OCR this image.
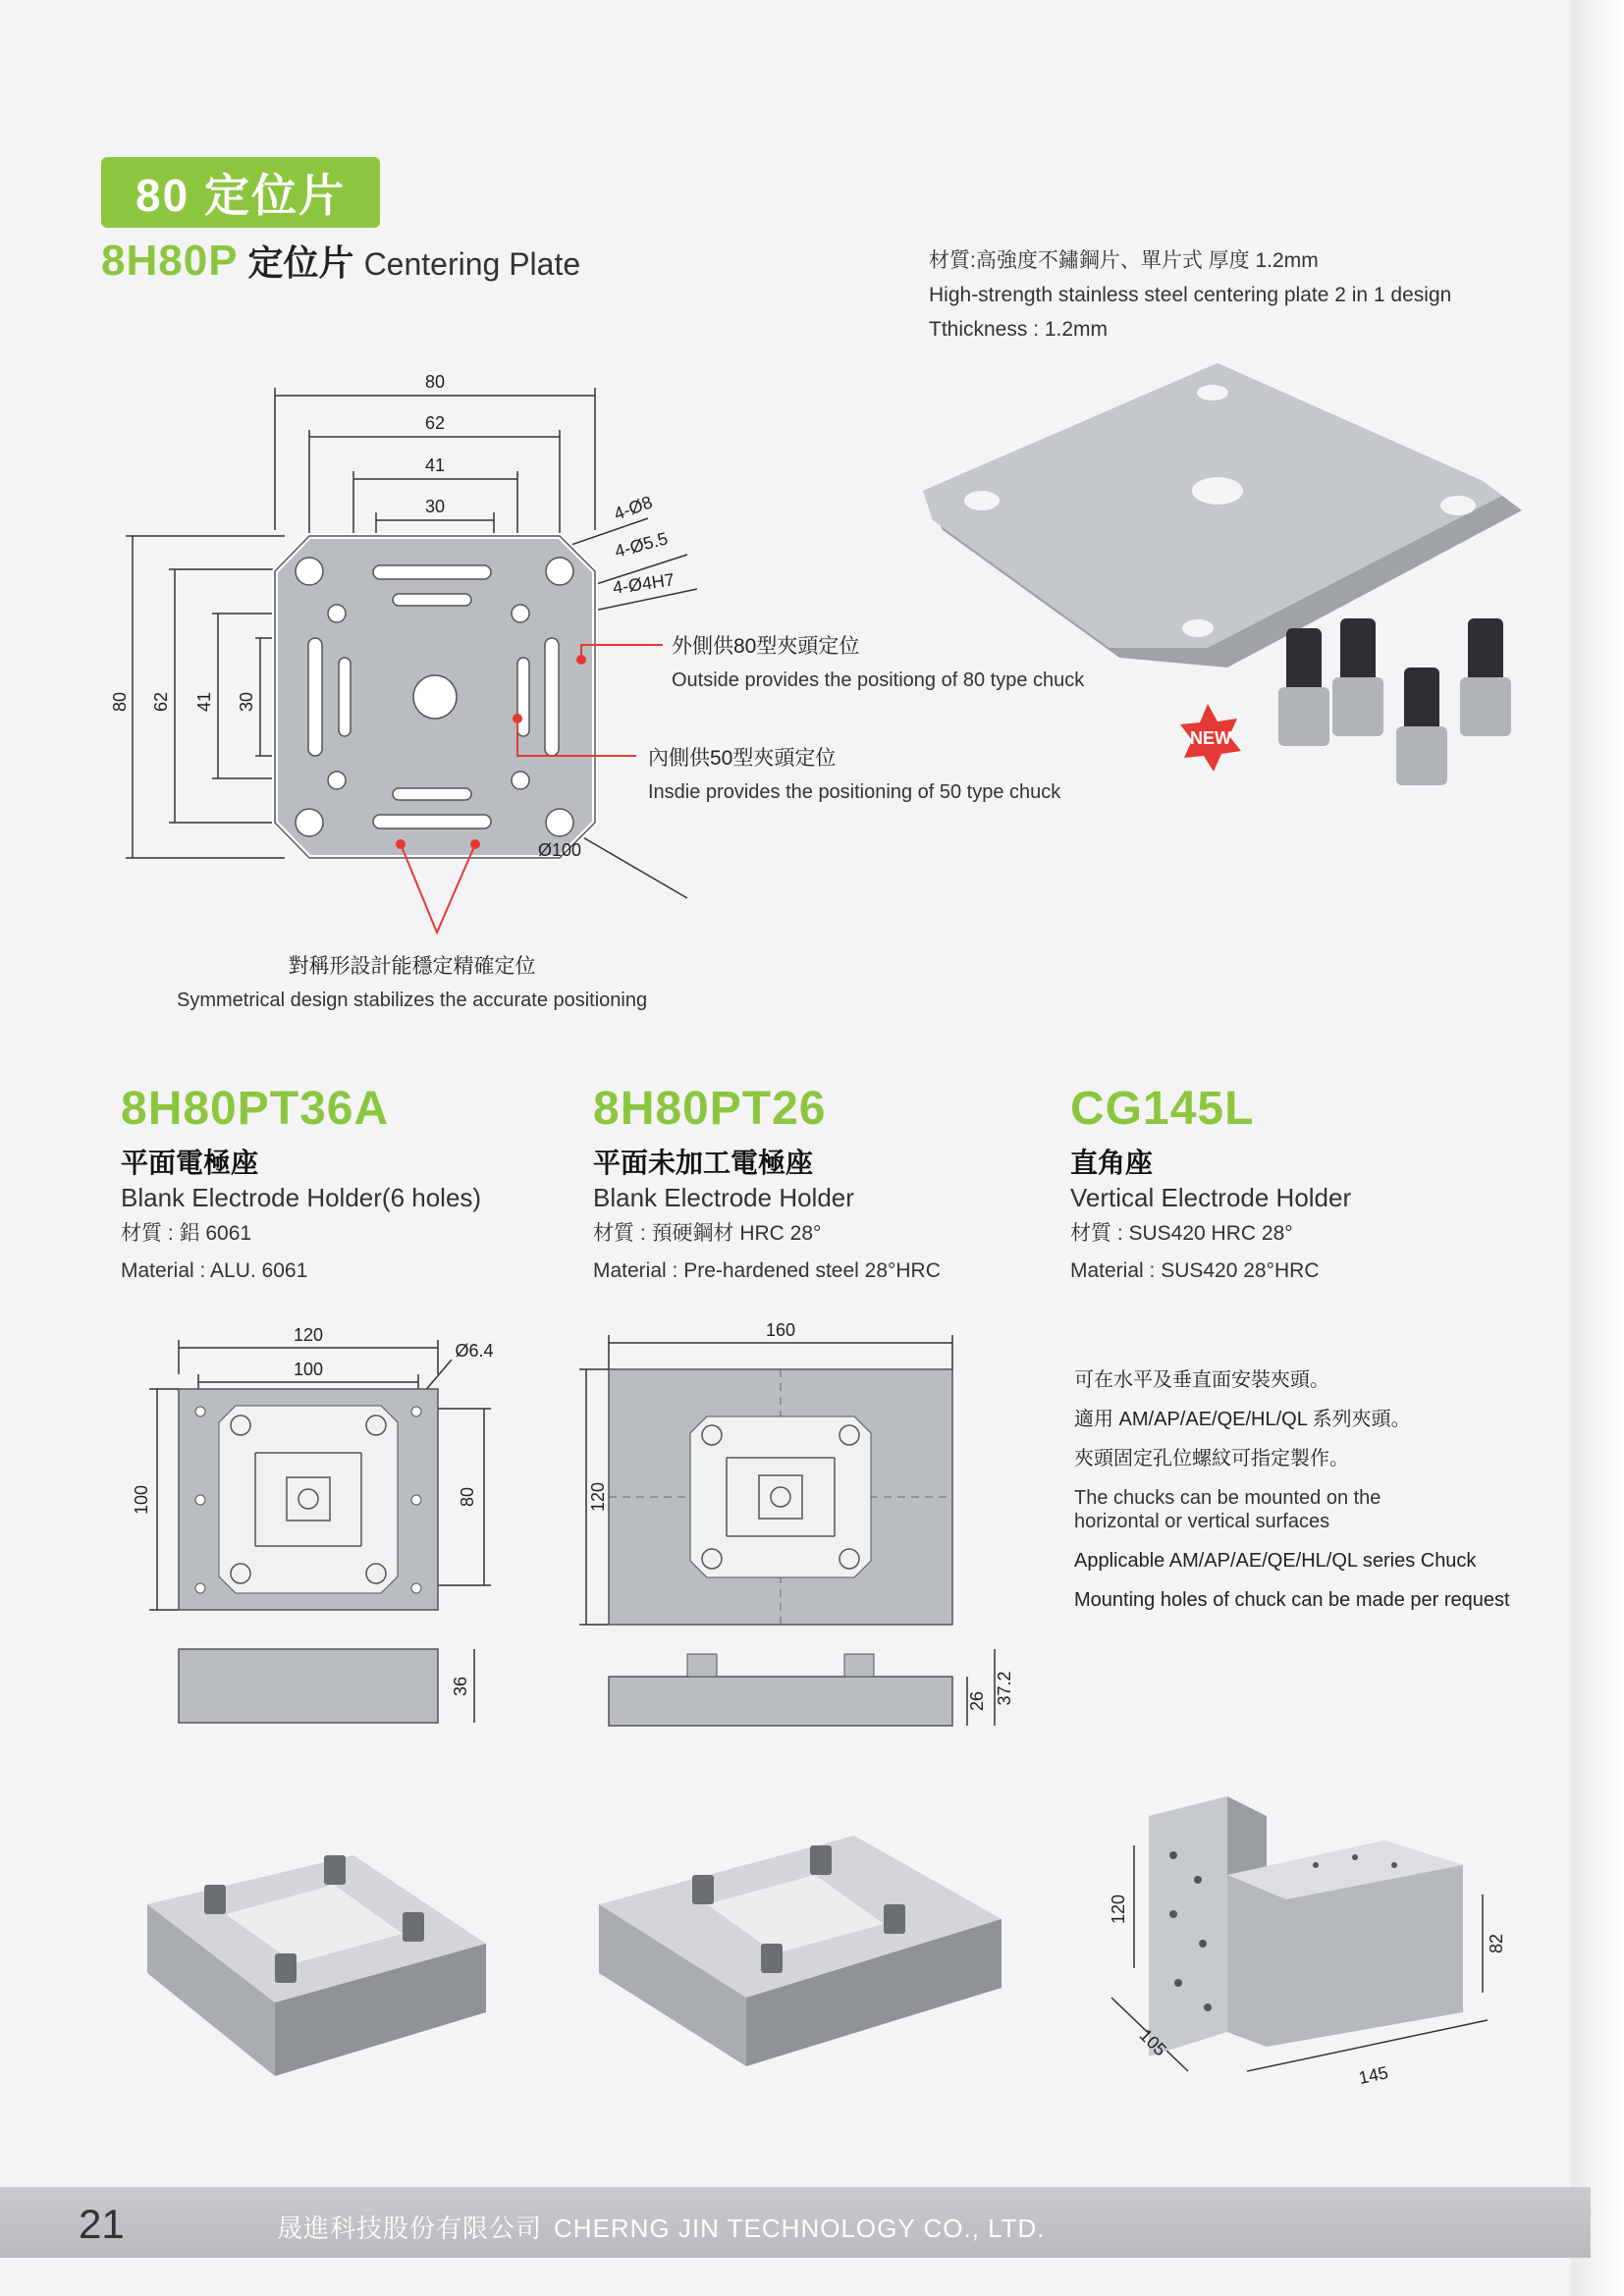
80 定位片
8H80P 定位片 Centering Plate	材質:高強度不鏽鋼片、單片式 厚度 1.2mm
High-strength stainless steel centering plate 2 in 1 design
Tthickness : 1.2mm
80
62
41
30
80 62 41 30
Ø100
4-Ø8
4-Ø5.5
4-Ø4H7
外側供80型夾頭定位
Outside provides the positiong of 80 type chuck
內側供50型夾頭定位
Insdie provides the positioning of 50 type chuck
對稱形設計能穩定精確定位
Symmetrical design stabilizes the accurate positioning
NEW
8H80PT36A
平面電極座
Blank Electrode Holder(6 holes)
材質 : 鋁 6061
Material : ALU. 6061
8H80PT26
平面未加工電極座
Blank Electrode Holder
材質 : 預硬鋼材 HRC 28°
Material : Pre-hardened steel 28°HRC
CG145L
直角座
Vertical Electrode Holder
材質 : SUS420 HRC 28°
Material : SUS420 28°HRC
120
100
Ø6.4
100	80
36
160
120
26 37.2
可在水平及垂直面安裝夾頭。
適用 AM/AP/AE/QE/HL/QL 系列夾頭。
夾頭固定孔位螺紋可指定製作。
The chucks can be mounted on the
horizontal or vertical surfaces
Applicable AM/AP/AE/QE/HL/QL series Chuck
Mounting holes of chuck can be made per request
120
105
145
82
21	晟進科技股份有限公司 CHERNG JIN TECHNOLOGY CO., LTD.
